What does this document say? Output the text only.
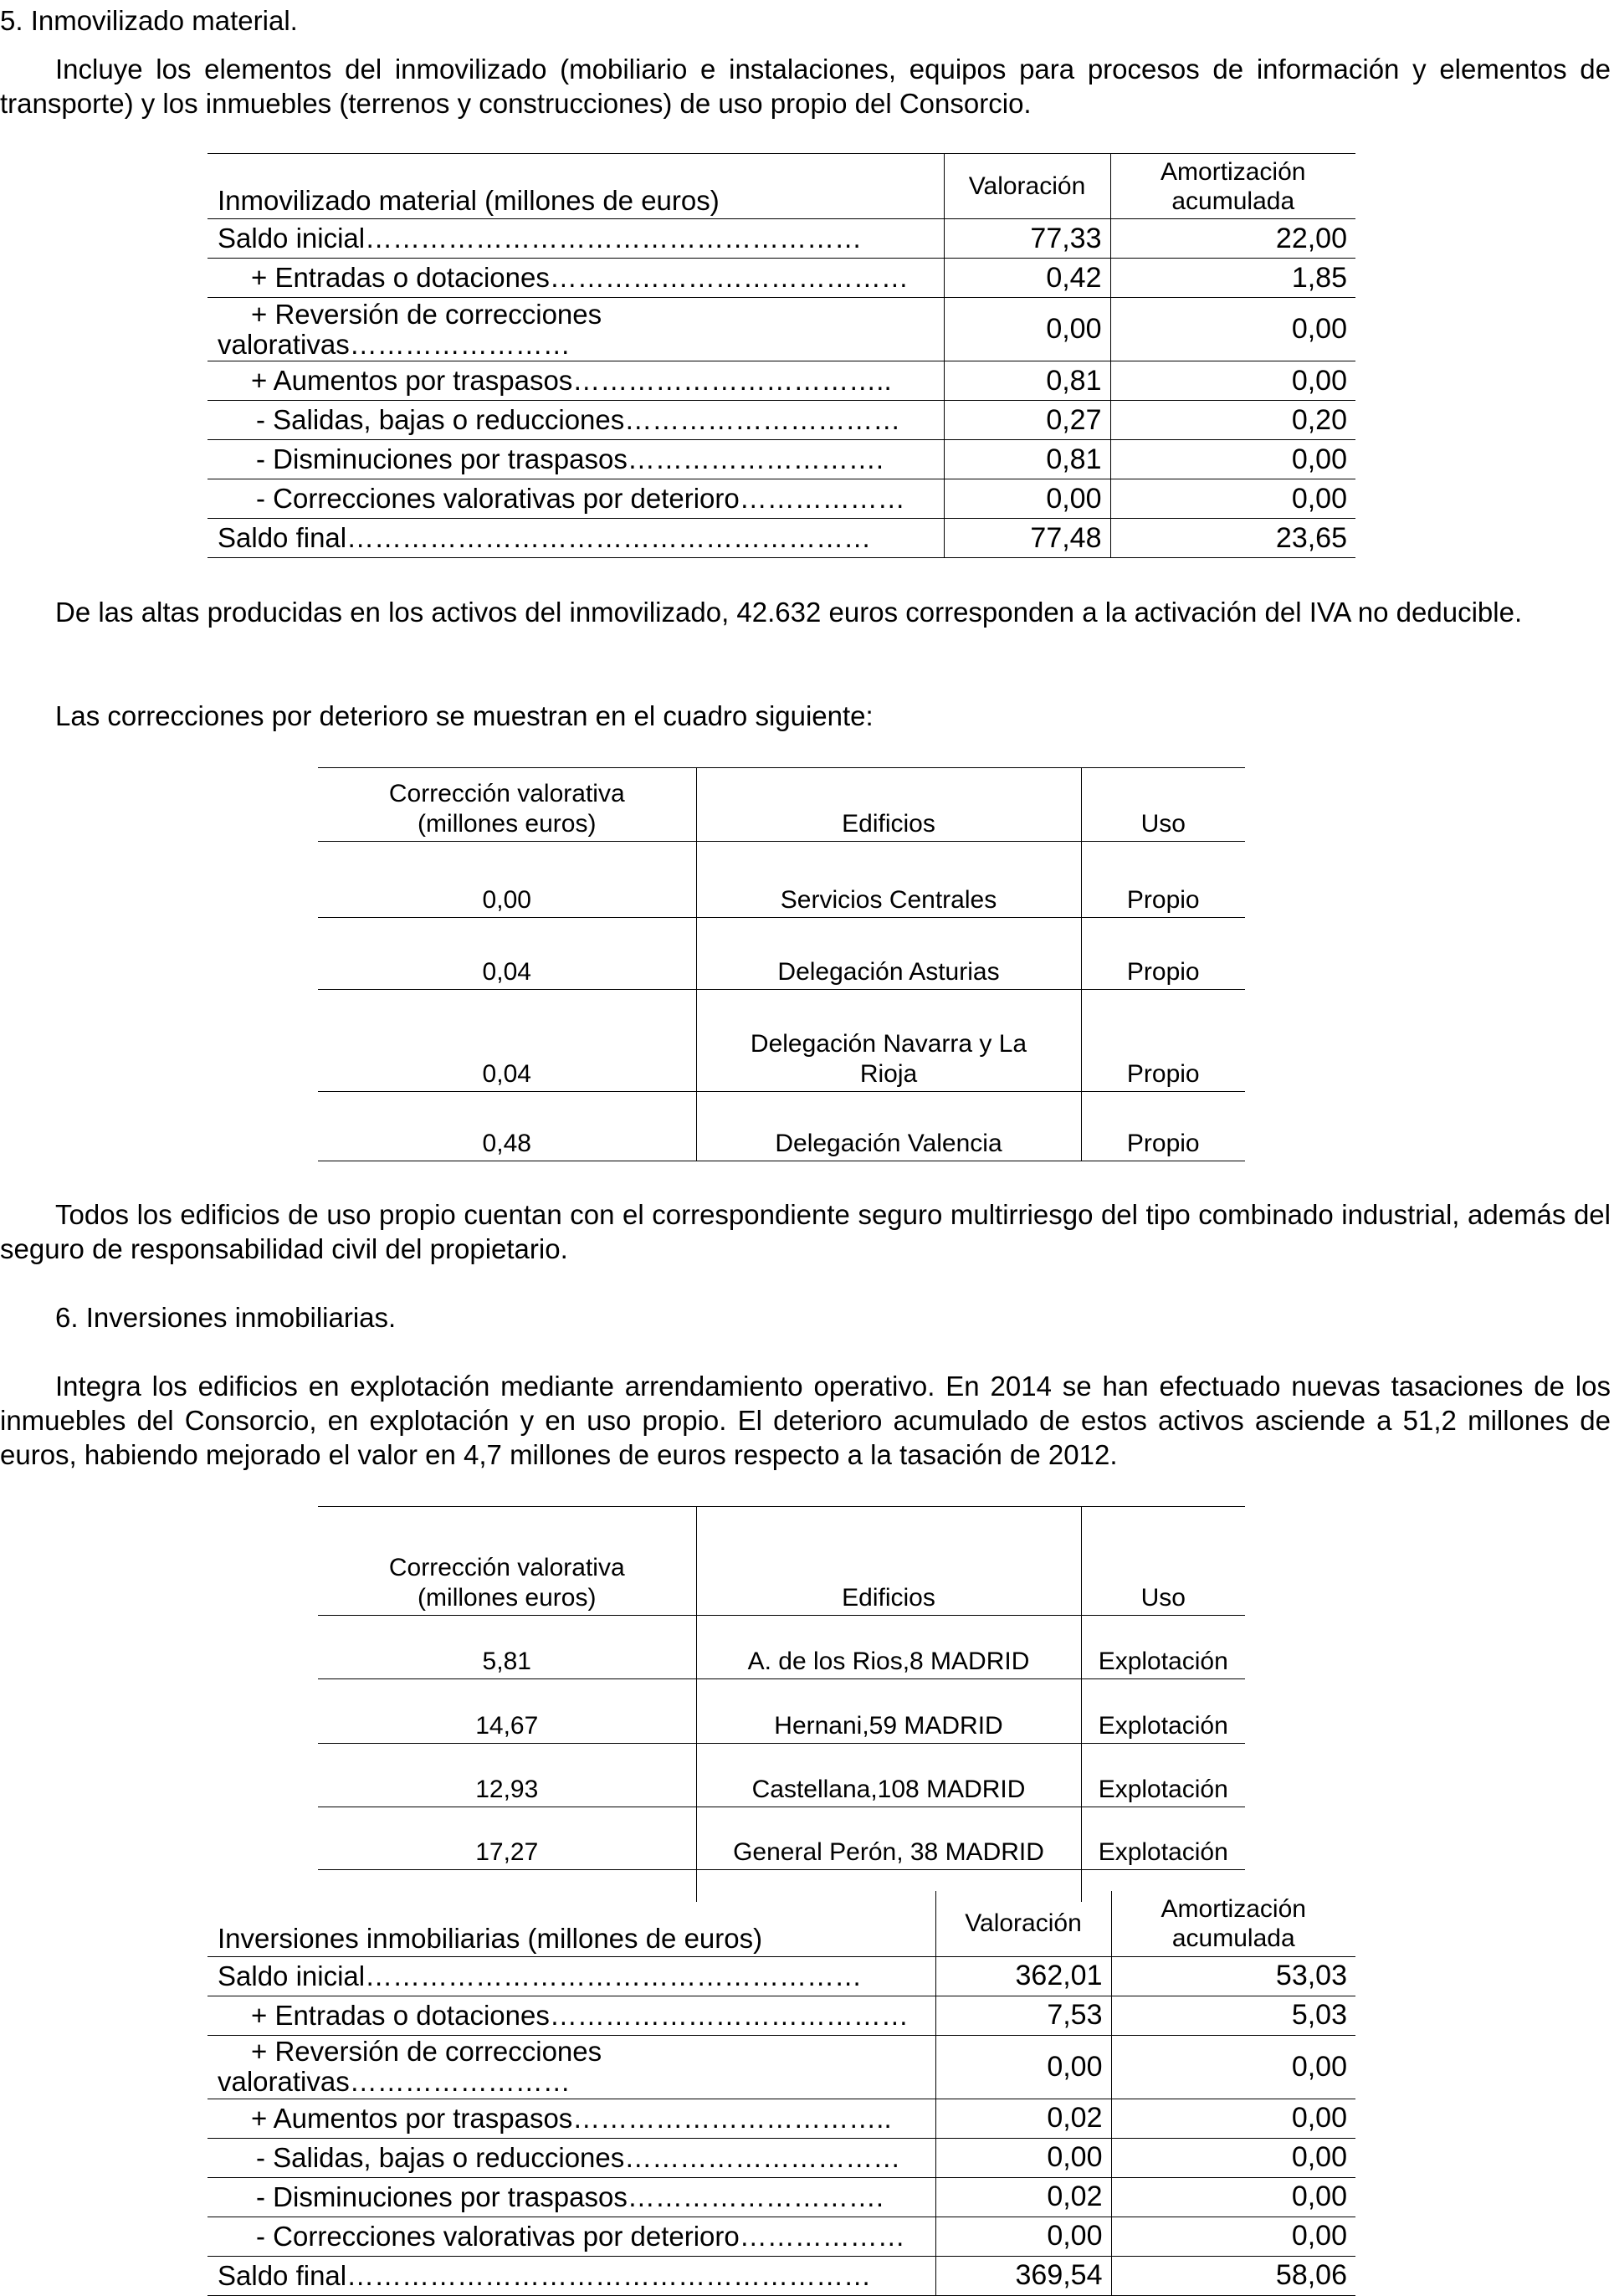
5. Inmovilizado material.
Incluye los elementos del inmovilizado (mobiliario e instalaciones, equipos para procesos de información y elementos de transporte) y los inmuebles (terrenos y construcciones) de uso propio del Consorcio.
Inmovilizado material (millones de euros)	Valoración	Amortización acumulada
Saldo inicial………………………………………………	77,33	22,00
+ Entradas o dotaciones…………………………………	0,42	1,85

+ Reversión de correcciones
valorativas……………………	0,00	0,00
+ Aumentos por traspasos……………………………..	0,81	0,00
- Salidas, bajas o reducciones…………………………	0,27	0,20
- Disminuciones por traspasos……………………….	0,81	0,00
- Correcciones valorativas por deterioro………………	0,00	0,00
Saldo final…………………………………………………	77,48	23,65
De las altas producidas en los activos del inmovilizado, 42.632 euros corresponden a la activación del IVA no deducible.
Las correcciones por deterioro se muestran en el cuadro siguiente:
Corrección valorativa
(millones euros)	Edificios	Uso
0,00	Servicios Centrales	Propio
0,04	Delegación Asturias	Propio
0,04	Delegación Navarra y La Rioja	Propio
0,48	Delegación Valencia	Propio
Todos los edificios de uso propio cuentan con el correspondiente seguro multirriesgo del tipo combinado industrial, además del seguro de responsabilidad civil del propietario.
6. Inversiones inmobiliarias.
Integra los edificios en explotación mediante arrendamiento operativo. En 2014 se han efectuado nuevas tasaciones de los inmuebles del Consorcio, en explotación y en uso propio. El deterioro acumulado de estos activos asciende a 51,2 millones de euros, habiendo mejorado el valor en 4,7 millones de euros respecto a la tasación de 2012.
Corrección valorativa
(millones euros)	Edificios	Uso
5,81	A. de los Rios,8 MADRID	Explotación
14,67	Hernani,59 MADRID	Explotación
12,93	Castellana,108 MADRID	Explotación
17,27	General Perón, 38 MADRID	Explotación

Inversiones inmobiliarias (millones de euros)	Valoración	Amortización acumulada
Saldo inicial………………………………………………	362,01	53,03
+ Entradas o dotaciones…………………………………	7,53	5,03

+ Reversión de correcciones
valorativas……………………	0,00	0,00
+ Aumentos por traspasos……………………………..	0,02	0,00
- Salidas, bajas o reducciones…………………………	0,00	0,00
- Disminuciones por traspasos……………………….	0,02	0,00
- Correcciones valorativas por deterioro………………	0,00	0,00
Saldo final…………………………………………………	369,54	58,06
